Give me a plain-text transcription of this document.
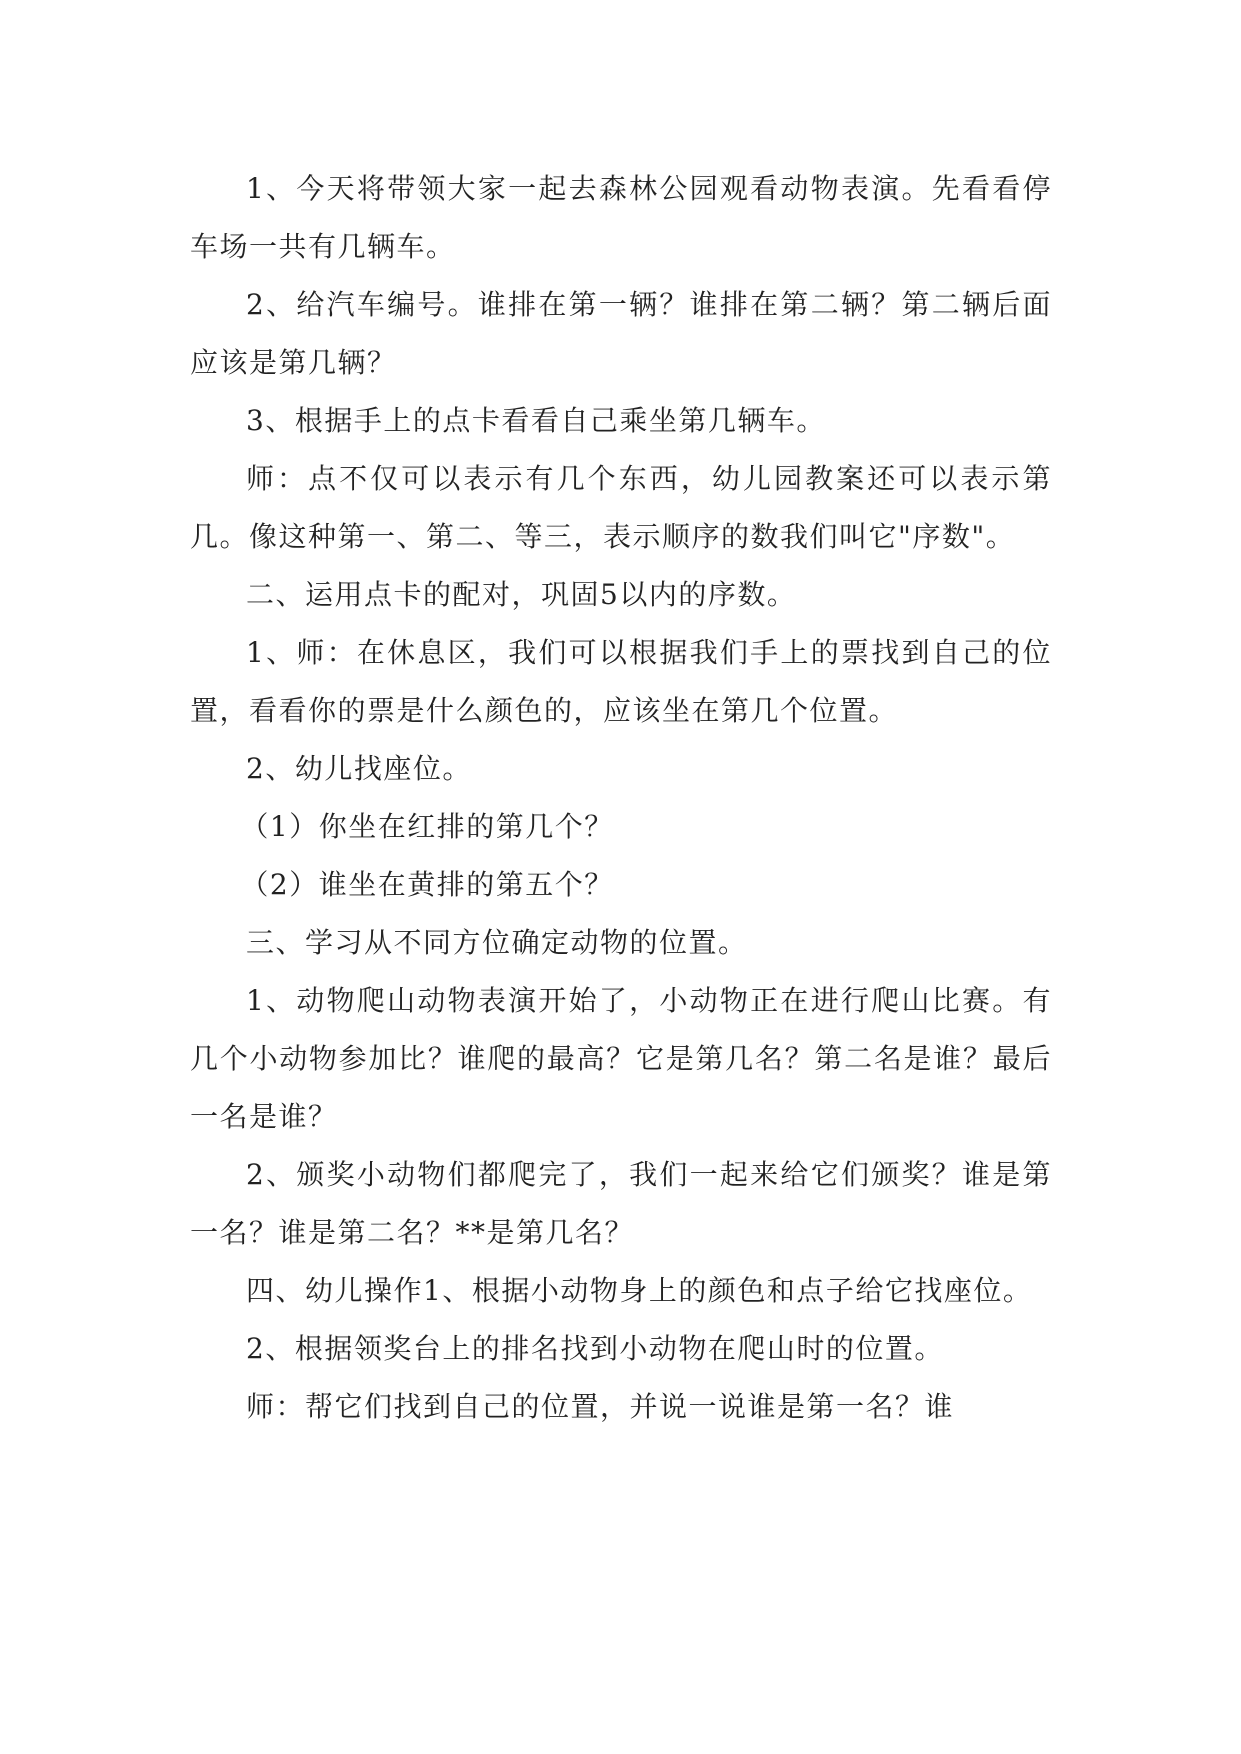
1、今天将带领大家一起去森林公园观看动物表演。先看看停车场一共有几辆车。

2、给汽车编号。谁排在第一辆？谁排在第二辆？第二辆后面应该是第几辆？

3、根据手上的点卡看看自己乘坐第几辆车。

师：点不仅可以表示有几个东西，幼儿园教案还可以表示第几。像这种第一、第二、等三，表示顺序的数我们叫它"序数"。

二、运用点卡的配对，巩固5以内的序数。

1、师：在休息区，我们可以根据我们手上的票找到自己的位置，看看你的票是什么颜色的，应该坐在第几个位置。

2、幼儿找座位。

（1）你坐在红排的第几个？

（2）谁坐在黄排的第五个？

三、学习从不同方位确定动物的位置。

1、动物爬山动物表演开始了，小动物正在进行爬山比赛。有几个小动物参加比？谁爬的最高？它是第几名？第二名是谁？最后一名是谁？

2、颁奖小动物们都爬完了，我们一起来给它们颁奖？谁是第一名？谁是第二名？**是第几名？

四、幼儿操作1、根据小动物身上的颜色和点子给它找座位。

2、根据领奖台上的排名找到小动物在爬山时的位置。

师：帮它们找到自己的位置，并说一说谁是第一名？谁
